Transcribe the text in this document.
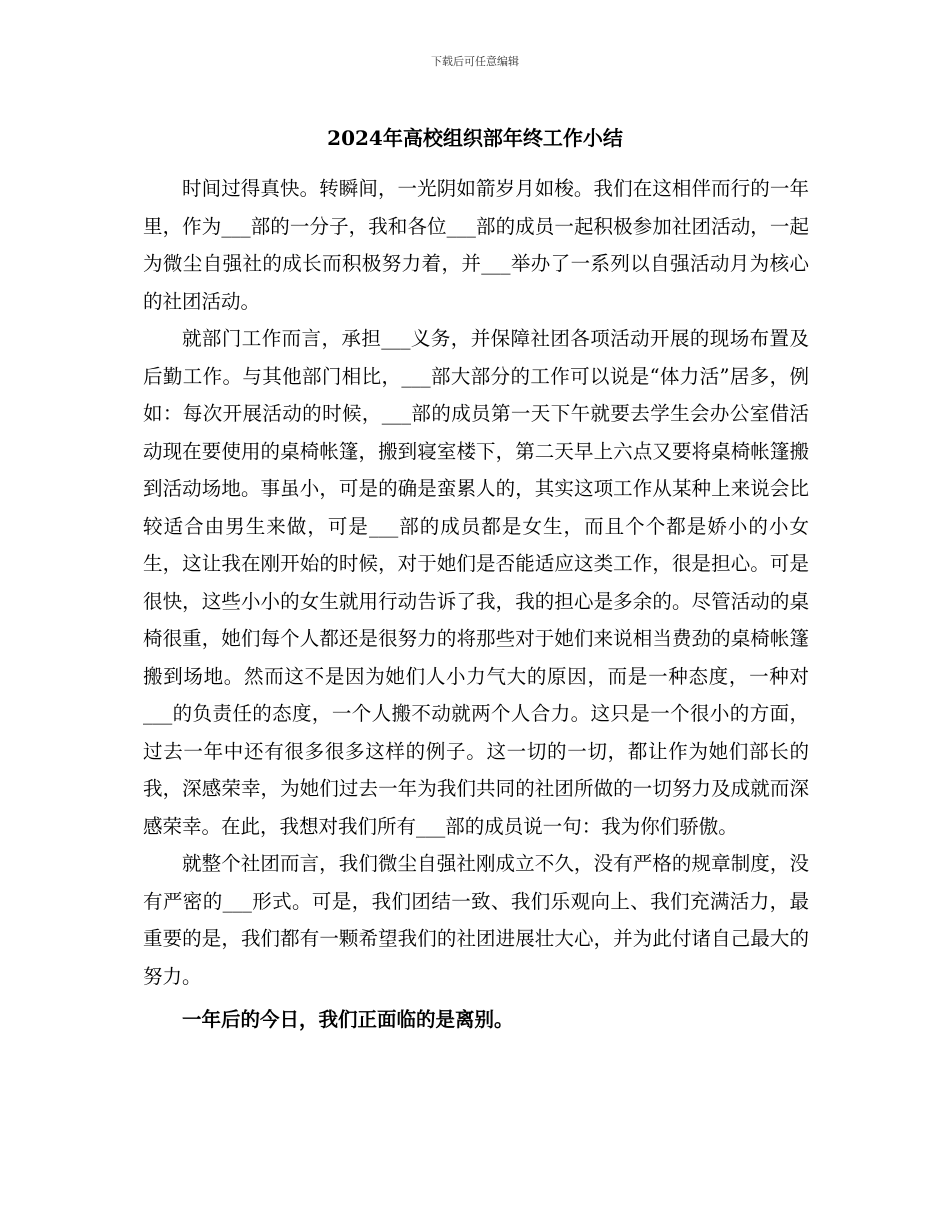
下载后可任意编辑
2024年高校组织部年终工作小结

时间过得真快。转瞬间，一光阴如箭岁月如梭。我们在这相伴而行的一年里，作为___部的一分子，我和各位___部的成员一起积极参加社团活动，一起为微尘自强社的成长而积极努力着，并___举办了一系列以自强活动月为核心的社团活动。

就部门工作而言，承担___义务，并保障社团各项活动开展的现场布置及后勤工作。与其他部门相比，___部大部分的工作可以说是“体力活”居多，例如：每次开展活动的时候，___部的成员第一天下午就要去学生会办公室借活动现在要使用的桌椅帐篷，搬到寝室楼下，第二天早上六点又要将桌椅帐篷搬到活动场地。事虽小，可是的确是蛮累人的，其实这项工作从某种上来说会比较适合由男生来做，可是___部的成员都是女生，而且个个都是娇小的小女生，这让我在刚开始的时候，对于她们是否能适应这类工作，很是担心。可是很快，这些小小的女生就用行动告诉了我，我的担心是多余的。尽管活动的桌椅很重，她们每个人都还是很努力的将那些对于她们来说相当费劲的桌椅帐篷搬到场地。然而这不是因为她们人小力气大的原因，而是一种态度，一种对___的负责任的态度，一个人搬不动就两个人合力。这只是一个很小的方面，过去一年中还有很多很多这样的例子。这一切的一切，都让作为她们部长的我，深感荣幸，为她们过去一年为我们共同的社团所做的一切努力及成就而深感荣幸。在此，我想对我们所有___部的成员说一句：我为你们骄傲。

就整个社团而言，我们微尘自强社刚成立不久，没有严格的规章制度，没有严密的___形式。可是，我们团结一致、我们乐观向上、我们充满活力，最重要的是，我们都有一颗希望我们的社团进展壮大心，并为此付诸自己最大的努力。

一年后的今日，我们正面临的是离别。
